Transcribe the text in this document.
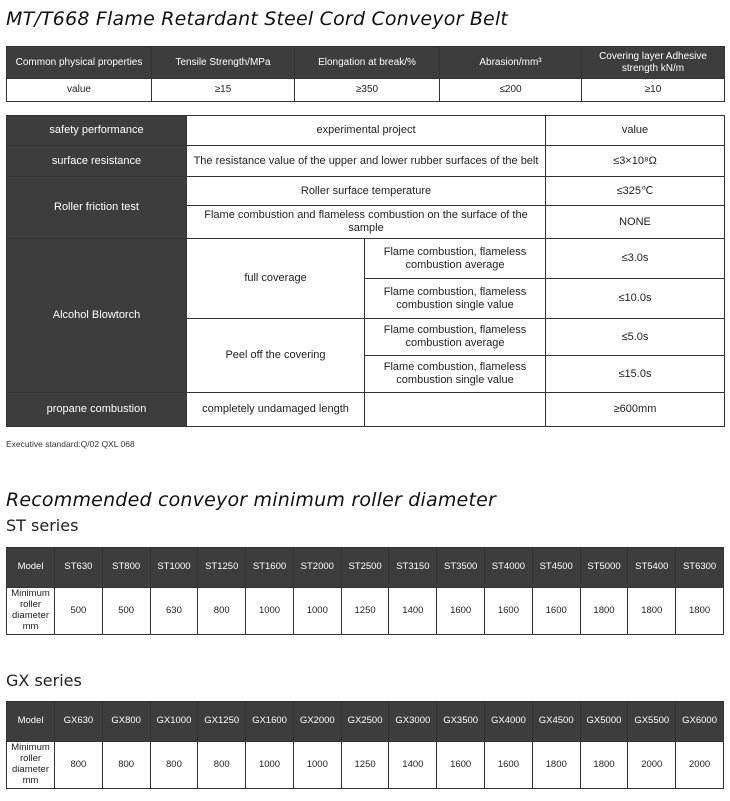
MT/T668 Flame Retardant Steel Cord Conveyor Belt
Common physical properties	Tensile Strength/MPa	Elongation at break/%	Abrasion/mm³	Covering layer Adhesive strength kN/m
value	≥15	≥350	≤200	≥10
safety performance	experimental project		value
surface resistance	The resistance value of the upper and lower rubber surfaces of the belt		≤3×10⁸Ω
Roller friction test	Roller surface temperature		≤325℃
	Flame combustion and flameless combustion on the surface of the sample		NONE
Alcohol Blowtorch	full coverage	Flame combustion, flameless combustion average	≤3.0s
		Flame combustion, flameless combustion single value	≤10.0s
	Peel off the covering	Flame combustion, flameless combustion average	≤5.0s
		Flame combustion, flameless combustion single value	≤15.0s
propane combustion	completely undamaged length		≥600mm
Executive standard:Q/02 QXL 068
Recommended conveyor minimum roller diameter
ST series
Model	ST630	ST800	ST1000	ST1250	ST1600	ST2000	ST2500	ST3150	ST3500	ST4000	ST4500	ST5000	ST5400	ST6300
Minimum roller diameter mm	500	500	630	800	1000	1000	1250	1400	1600	1600	1600	1800	1800	1800
GX series
Model	GX630	GX800	GX1000	GX1250	GX1600	GX2000	GX2500	GX3000	GX3500	GX4000	GX4500	GX5000	GX5500	GX6000
Minimum roller diameter mm	800	800	800	800	1000	1000	1250	1400	1600	1600	1800	1800	2000	2000
